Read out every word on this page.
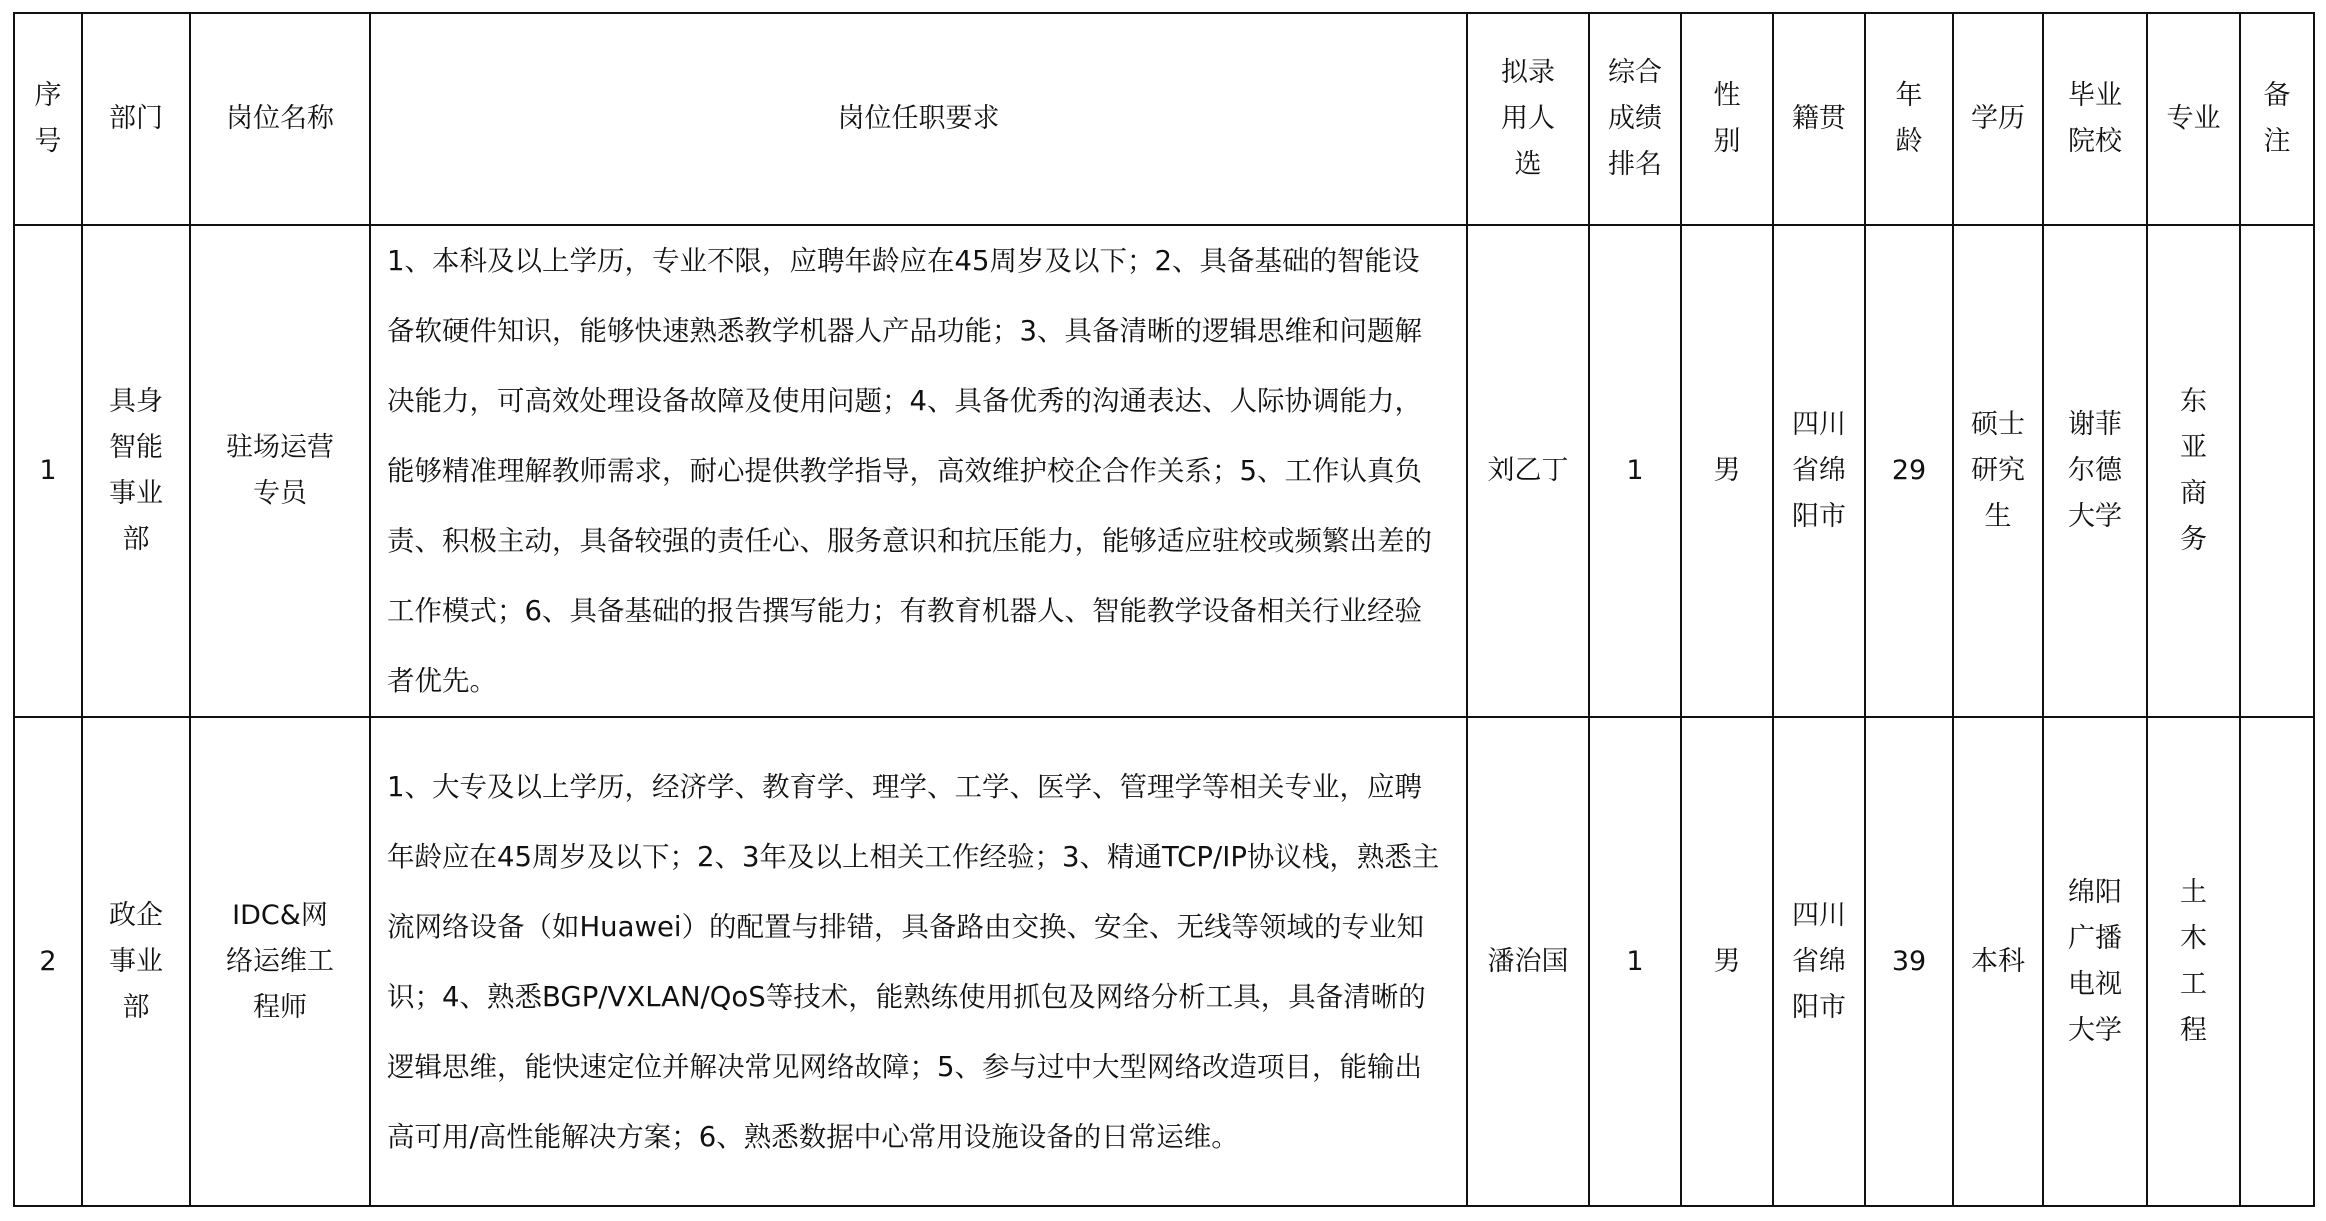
序号	部门	岗位名称	岗位任职要求	拟录用人选	综合成绩排名	性别	籍贯	年龄	学历	毕业院校	专业	备注

1	具身智能事业部	驻场运营专员	1、本科及以上学历，专业不限，应聘年龄应在45周岁及以下；2、具备基础的智能设备软硬件知识，能够快速熟悉教学机器人产品功能；3、具备清晰的逻辑思维和问题解决能力，可高效处理设备故障及使用问题；4、具备优秀的沟通表达、人际协调能力，能够精准理解教师需求，耐心提供教学指导，高效维护校企合作关系；5、工作认真负责、积极主动，具备较强的责任心、服务意识和抗压能力，能够适应驻校或频繁出差的工作模式；6、具备基础的报告撰写能力；有教育机器人、智能教学设备相关行业经验者优先。	刘乙丁	1	男	四川省绵阳市	29	硕士研究生	谢菲尔德大学	东亚商务	

2	政企事业部	IDC&网络运维工程师	1、大专及以上学历，经济学、教育学、理学、工学、医学、管理学等相关专业，应聘年龄应在45周岁及以下；2、3年及以上相关工作经验；3、精通TCP/IP协议栈，熟悉主流网络设备（如Huawei）的配置与排错，具备路由交换、安全、无线等领域的专业知识；4、熟悉BGP/VXLAN/QoS等技术，能熟练使用抓包及网络分析工具，具备清晰的逻辑思维，能快速定位并解决常见网络故障；5、参与过中大型网络改造项目，能输出高可用/高性能解决方案；6、熟悉数据中心常用设施设备的日常运维。	潘治国	1	男	四川省绵阳市	39	本科	绵阳广播电视大学	土木工程	
